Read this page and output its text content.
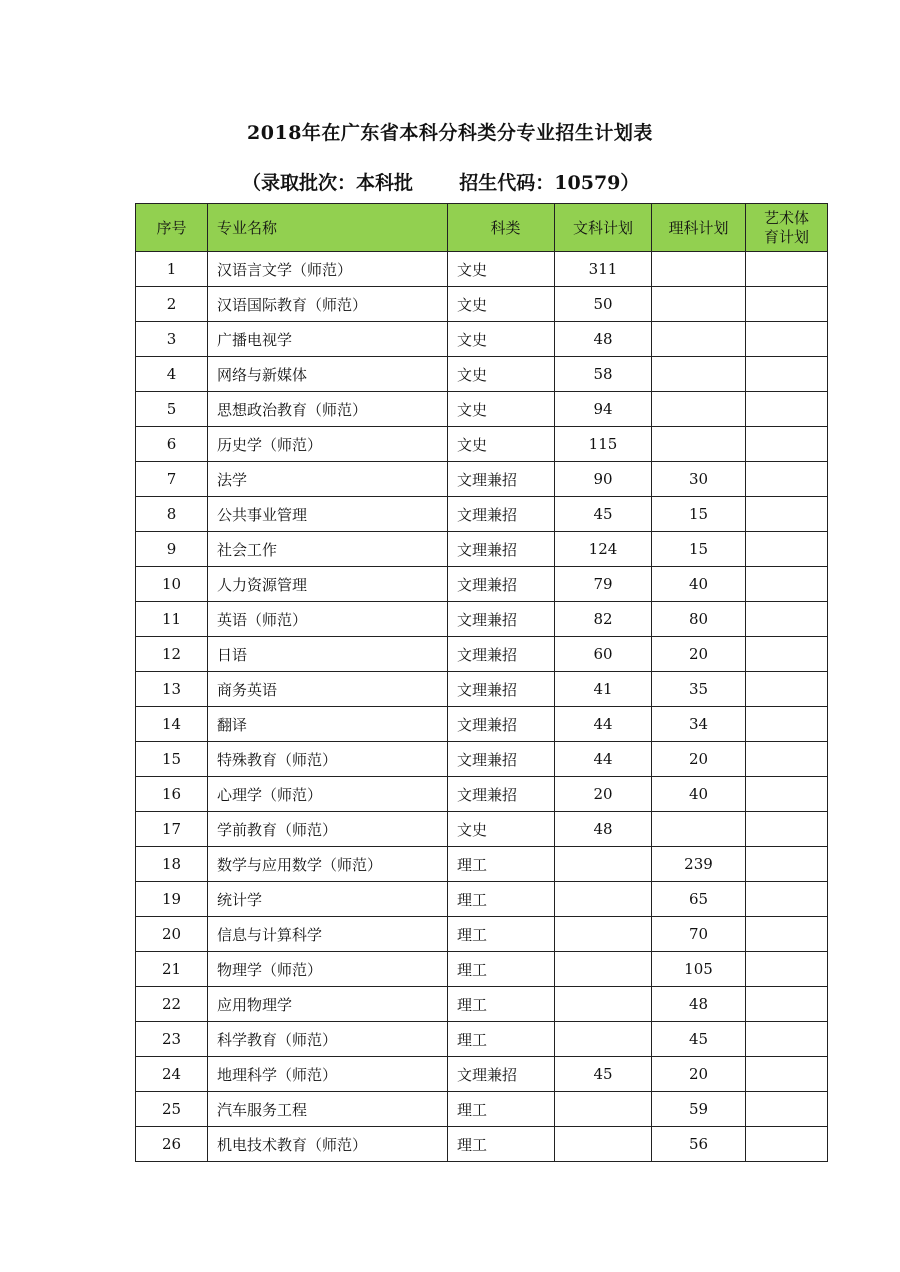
2018年在广东省本科分科类分专业招生计划表
（录取批次：本科批       招生代码：10579）
序号	专业名称	科类	文科计划	理科计划	艺术体
育计划
1	汉语言文学（师范）	文史	311		
2	汉语国际教育（师范）	文史	50		
3	广播电视学	文史	48		
4	网络与新媒体	文史	58		
5	思想政治教育（师范）	文史	94		
6	历史学（师范）	文史	115		
7	法学	文理兼招	90	30	
8	公共事业管理	文理兼招	45	15	
9	社会工作	文理兼招	124	15	
10	人力资源管理	文理兼招	79	40	
11	英语（师范）	文理兼招	82	80	
12	日语	文理兼招	60	20	
13	商务英语	文理兼招	41	35	
14	翻译	文理兼招	44	34	
15	特殊教育（师范）	文理兼招	44	20	
16	心理学（师范）	文理兼招	20	40	
17	学前教育（师范）	文史	48		
18	数学与应用数学（师范）	理工		239	
19	统计学	理工		65	
20	信息与计算科学	理工		70	
21	物理学（师范）	理工		105	
22	应用物理学	理工		48	
23	科学教育（师范）	理工		45	
24	地理科学（师范）	文理兼招	45	20	
25	汽车服务工程	理工		59	
26	机电技术教育（师范）	理工		56	
